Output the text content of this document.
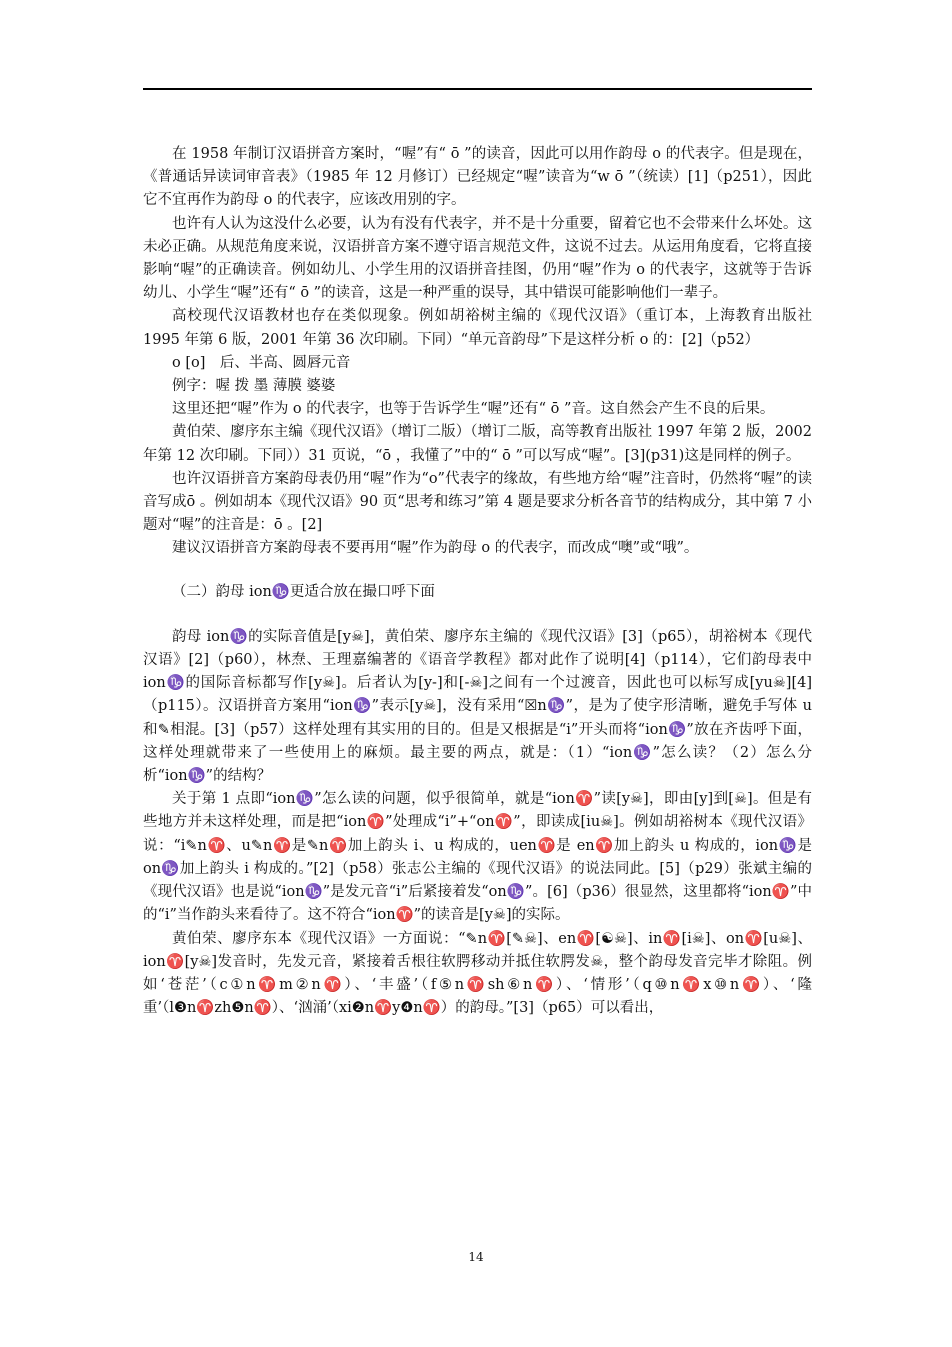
在 1958 年制订汉语拼音方案时，“喔”有“ ō ”的读音，因此可以用作韵母 o 的代表字。但是现在，《普通话异读词审音表》（1985 年 12 月修订）已经规定“喔”读音为“w ō ”（统读）[1]（p251），因此它不宜再作为韵母 o 的代表字，应该改用别的字。

也许有人认为这没什么必要，认为有没有代表字，并不是十分重要，留着它也不会带来什么坏处。这未必正确。从规范角度来说，汉语拼音方案不遵守语言规范文件，这说不过去。从运用角度看，它将直接影响“喔”的正确读音。例如幼儿、小学生用的汉语拼音挂图，仍用“喔”作为 o 的代表字，这就等于告诉幼儿、小学生“喔”还有“ ō ”的读音，这是一种严重的误导，其中错误可能影响他们一辈子。

高校现代汉语教材也存在类似现象。例如胡裕树主编的《现代汉语》（重订本，上海教育出版社 1995 年第 6 版，2001 年第 36 次印刷。下同）“单元音韵母”下是这样分析 o 的：[2]（p52）

o [o]　后、半高、圆唇元音

例字：喔 拨 墨 薄膜 婆婆

这里还把“喔”作为 o 的代表字，也等于告诉学生“喔”还有“ ō ”音。这自然会产生不良的后果。

黄伯荣、廖序东主编《现代汉语》（增订二版）（增订二版，高等教育出版社 1997 年第 2 版，2002 年第 12 次印刷。下同））31 页说，“ō ，我懂了”中的“ ō ”可以写成“喔”。[3](p31)这是同样的例子。

也许汉语拼音方案韵母表仍用“喔”作为“o”代表字的缘故，有些地方给“喔”注音时，仍然将“喔”的读音写成ō 。例如胡本《现代汉语》90 页“思考和练习”第 4 题是要求分析各音节的结构成分，其中第 7 小题对“喔”的注音是：ō 。[2]

建议汉语拼音方案韵母表不要再用“喔”作为韵母 o 的代表字，而改成“噢”或“哦”。

（二）韵母 ion♑更适合放在撮口呼下面

韵母 ion♑的实际音值是[y☠]，黄伯荣、廖序东主编的《现代汉语》[3]（p65），胡裕树本《现代汉语》[2]（p60），林焘、王理嘉编著的《语音学教程》都对此作了说明[4]（p114），它们韵母表中 ion♑的国际音标都写作[y☠]。后者认为[y-]和[-☠]之间有一个过渡音，因此也可以标写成[yu☠][4]（p115）。汉语拼音方案用“ion♑”表示[y☠]，没有采用“☒n♑”，是为了使字形清晰，避免手写体 u 和✎相混。[3]（p57）这样处理有其实用的目的。但是又根据是“i”开头而将“ion♑”放在齐齿呼下面，这样处理就带来了一些使用上的麻烦。最主要的两点，就是：（1）“ion♑”怎么读？（2）怎么分析“ion♑”的结构？

关于第 1 点即“ion♑”怎么读的问题，似乎很简单，就是“ion♈”读[y☠]，即由[y]到[☠]。但是有些地方并未这样处理，而是把“ion♈”处理成“i”+“on♈”，即读成[iu☠]。例如胡裕树本《现代汉语》说：“i✎n♈、u✎n♈是✎n♈加上韵头 i、u 构成的，uen♈是 en♈加上韵头 u 构成的，ion♑是 on♑加上韵头 i 构成的。”[2]（p58）张志公主编的《现代汉语》的说法同此。[5]（p29）张斌主编的《现代汉语》也是说“ion♑”是发元音“i”后紧接着发“on♑”。[6]（p36）很显然，这里都将“ion♈”中的“i”当作韵头来看待了。这不符合“ion♈”的读音是[y☠]的实际。

黄伯荣、廖序东本《现代汉语》一方面说：“✎n♈[✎☠]、en♈[☯☠]、in♈[i☠]、on♈[u☠]、ion♈[y☠]发音时，先发元音，紧接着舌根往软腭移动并抵住软腭发☠，整个韵母发音完毕才除阻。例如‘苍茫’（c①n♈m②n♈）、‘丰盛’（f⑤n♈sh⑥n♈）、‘情形’（q⑩n♈x⑩n♈）、‘隆重’（l❸n♈zh❺n♈）、‘汹涌’（xi❷n♈y❹n♈）的韵母。”[3]（p65）可以看出，

14
